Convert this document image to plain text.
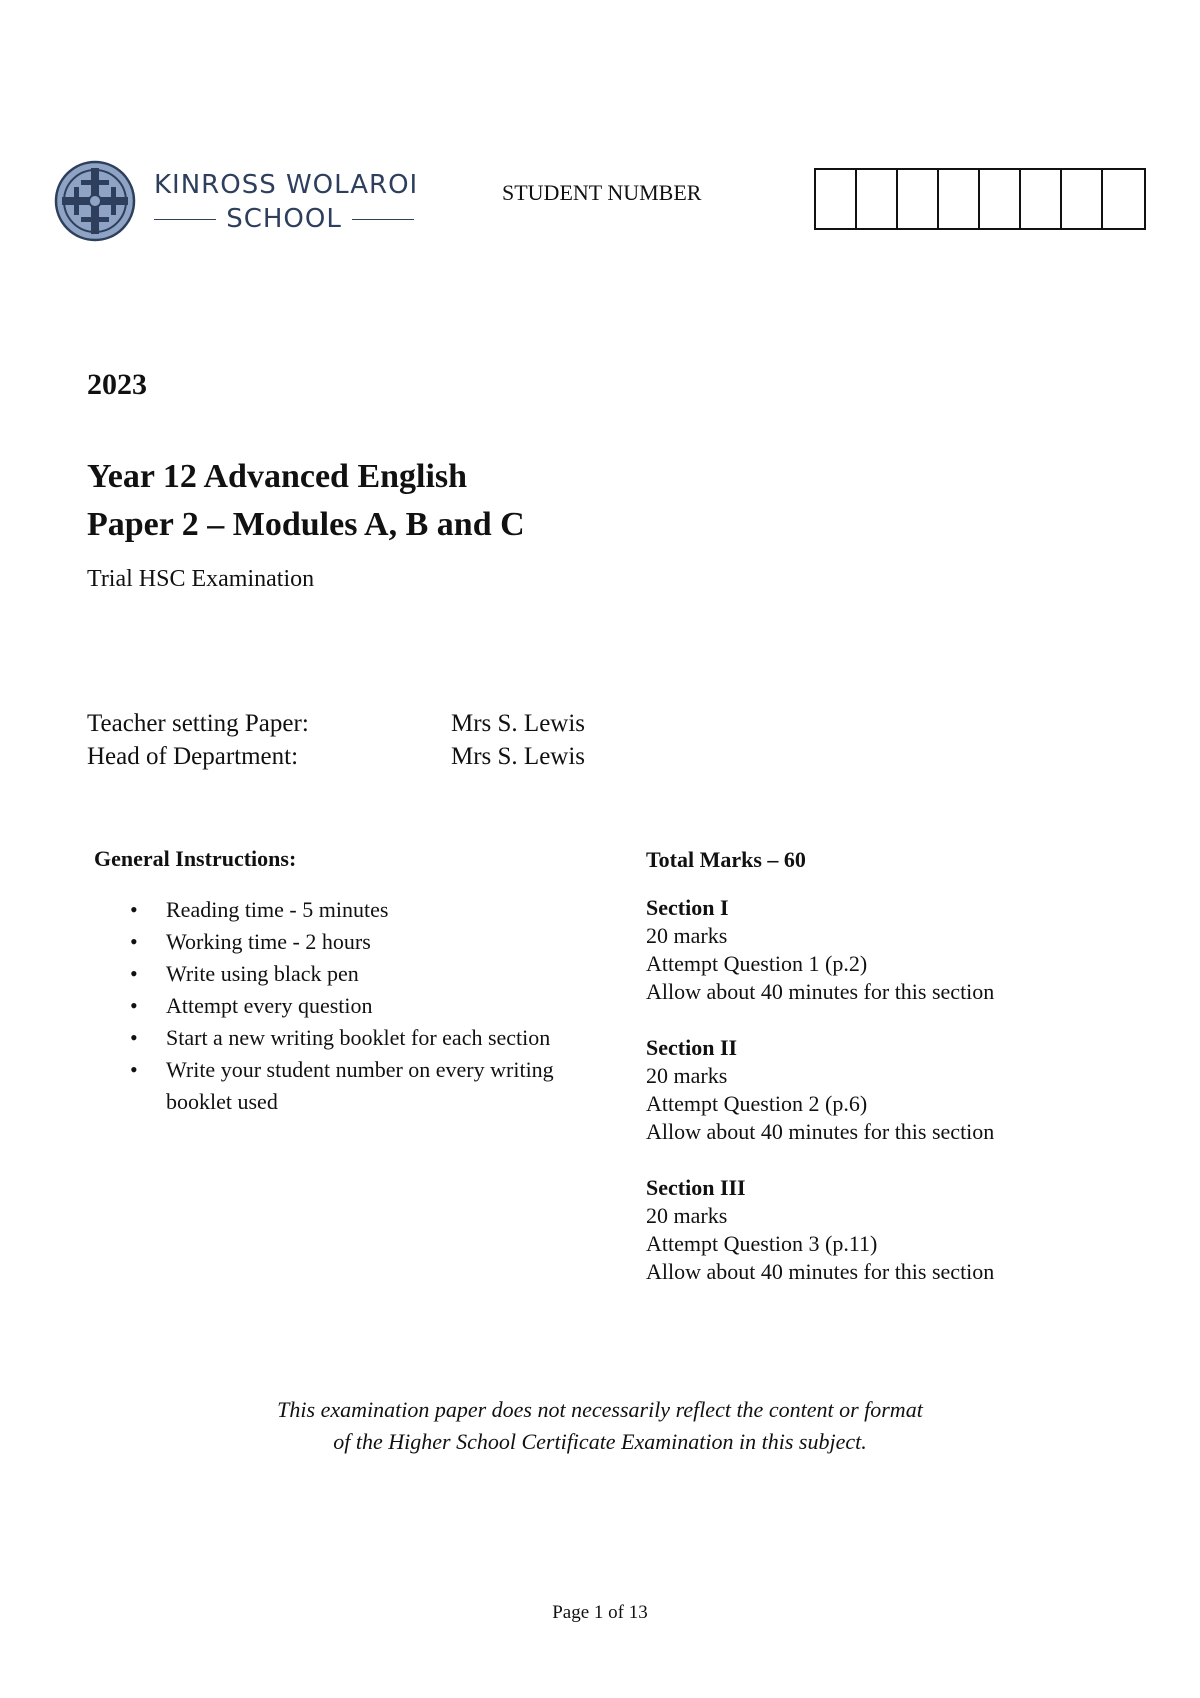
KINROSS WOLAROI
SCHOOL
STUDENT NUMBER
2023
Year 12 Advanced English
Paper 2 – Modules A, B and C
Trial HSC Examination
Teacher setting Paper:	Mrs S. Lewis
Head of Department:	Mrs S. Lewis
General Instructions:
• Reading time - 5 minutes
• Working time - 2 hours
• Write using black pen
• Attempt every question
• Start a new writing booklet for each section
• Write your student number on every writing booklet used
Total Marks – 60
Section I
20 marks
Attempt Question 1 (p.2)
Allow about 40 minutes for this section
Section II
20 marks
Attempt Question 2 (p.6)
Allow about 40 minutes for this section
Section III
20 marks
Attempt Question 3 (p.11)
Allow about 40 minutes for this section
This examination paper does not necessarily reflect the content or format
of the Higher School Certificate Examination in this subject.
Page 1 of 13
